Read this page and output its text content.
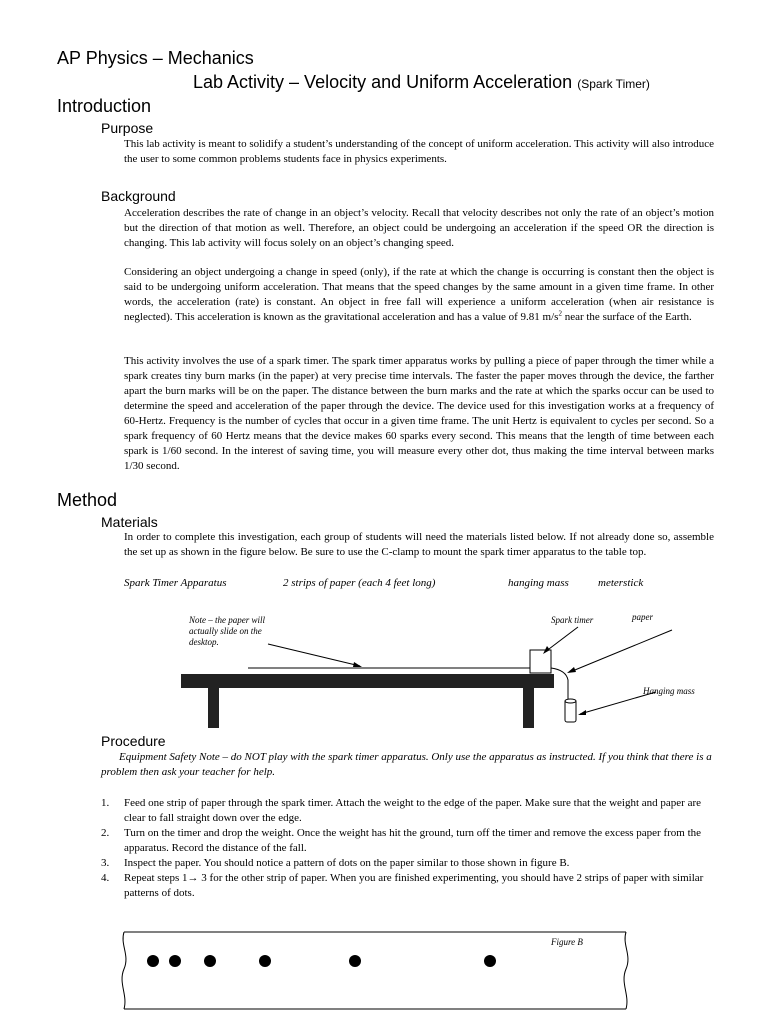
AP Physics – Mechanics
Lab Activity – Velocity and Uniform Acceleration (Spark Timer)
Introduction
Purpose
This lab activity is meant to solidify a student’s understanding of the concept of uniform acceleration. This activity will also introduce the user to some common problems students face in physics experiments.
Background
Acceleration describes the rate of change in an object’s velocity. Recall that velocity describes not only the rate of an object’s motion but the direction of that motion as well. Therefore, an object could be undergoing an acceleration if the speed OR the direction is changing. This lab activity will focus solely on an object’s changing speed.
Considering an object undergoing a change in speed (only), if the rate at which the change is occurring is constant then the object is said to be undergoing uniform acceleration. That means that the speed changes by the same amount in a given time frame. In other words, the acceleration (rate) is constant. An object in free fall will experience a uniform acceleration (when air resistance is neglected). This acceleration is known as the gravitational acceleration and has a value of 9.81 $m/s^2$ near the surface of the Earth.
This activity involves the use of a spark timer. The spark timer apparatus works by pulling a piece of paper through the timer while a spark creates tiny burn marks (in the paper) at very precise time intervals. The faster the paper moves through the device, the farther apart the burn marks will be on the paper. The distance between the burn marks and the rate at which the sparks occur can be used to determine the speed and acceleration of the paper through the device. The device used for this investigation works at a frequency of 60-Hertz. Frequency is the number of cycles that occur in a given time frame. The unit Hertz is equivalent to cycles per second. So a spark frequency of 60 Hertz means that the device makes 60 sparks every second. This means that the length of time between each spark is 1/60 second. In the interest of saving time, you will measure every other dot, thus making the time interval between marks 1/30 second.
Method
Materials
In order to complete this investigation, each group of students will need the materials listed below. If not already done so, assemble the set up as shown in the figure below. Be sure to use the C-clamp to mount the spark timer apparatus to the table top.
Spark Timer Apparatus	2 strips of paper (each 4 feet long)	hanging mass	meterstick
Note – the paper will
actually slide on the
desktop.
Spark timer	paper
Hanging mass
Procedure
Equipment Safety Note – do NOT play with the spark timer apparatus. Only use the apparatus as instructed. If you think that there is a problem then ask your teacher for help.
1. Feed one strip of paper through the spark timer. Attach the weight to the edge of the paper. Make sure that the weight and paper are clear to fall straight down over the edge.
2. Turn on the timer and drop the weight. Once the weight has hit the ground, turn off the timer and remove the excess paper from the apparatus. Record the distance of the fall.
3. Inspect the paper. You should notice a pattern of dots on the paper similar to those shown in figure B.
4. Repeat steps 1→ 3 for the other strip of paper. When you are finished experimenting, you should have 2 strips of paper with similar patterns of dots.
Figure B
